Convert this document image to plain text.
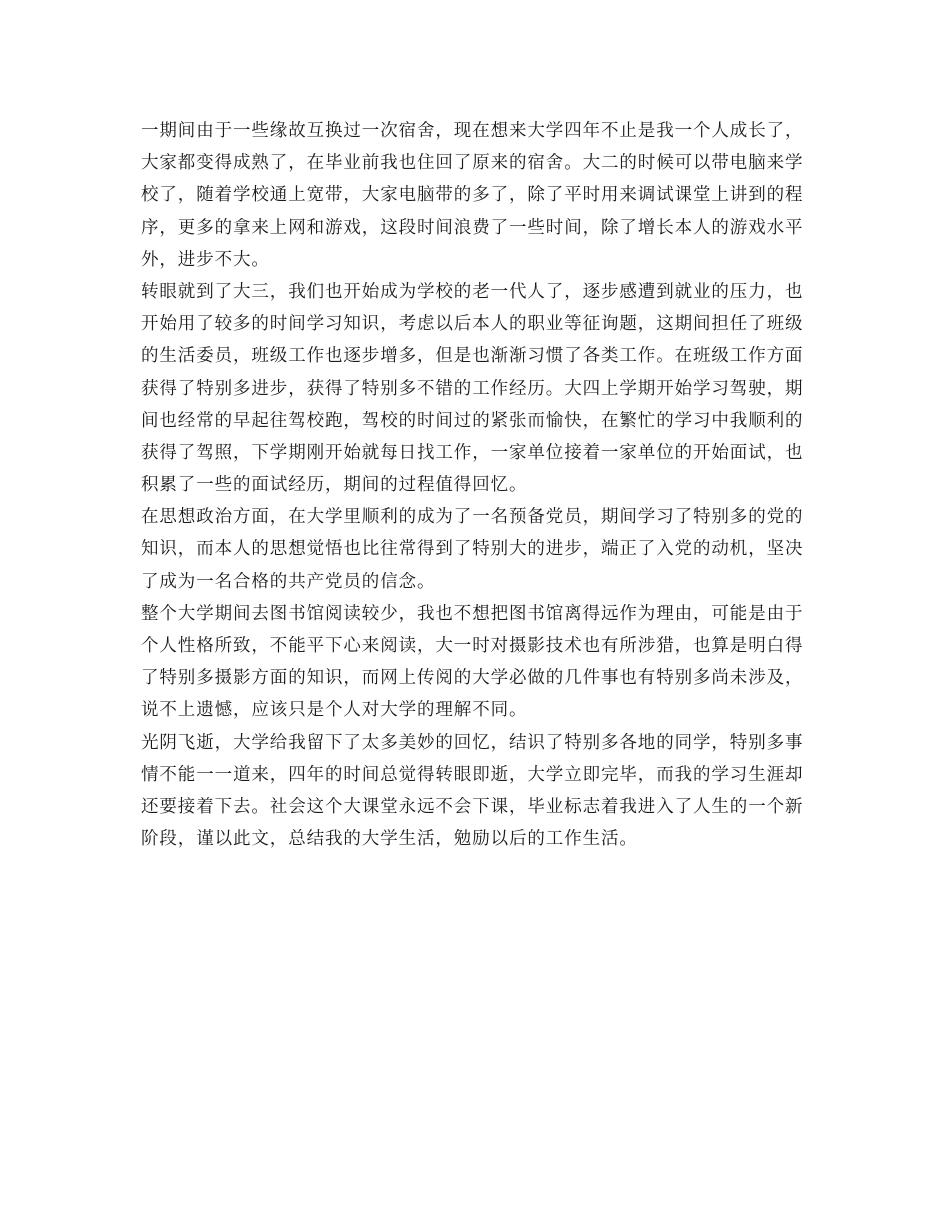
一期间由于一些缘故互换过一次宿舍，现在想来大学四年不止是我一个人成长了，
大家都变得成熟了，在毕业前我也住回了原来的宿舍。大二的时候可以带电脑来学
校了，随着学校通上宽带，大家电脑带的多了，除了平时用来调试课堂上讲到的程
序，更多的拿来上网和游戏，这段时间浪费了一些时间，除了增长本人的游戏水平
外，进步不大。
转眼就到了大三，我们也开始成为学校的老一代人了，逐步感遭到就业的压力，也
开始用了较多的时间学习知识，考虑以后本人的职业等征询题，这期间担任了班级
的生活委员，班级工作也逐步增多，但是也渐渐习惯了各类工作。在班级工作方面
获得了特别多进步，获得了特别多不错的工作经历。大四上学期开始学习驾驶，期
间也经常的早起往驾校跑，驾校的时间过的紧张而愉快，在繁忙的学习中我顺利的
获得了驾照，下学期刚开始就每日找工作，一家单位接着一家单位的开始面试，也
积累了一些的面试经历，期间的过程值得回忆。
在思想政治方面，在大学里顺利的成为了一名预备党员，期间学习了特别多的党的
知识，而本人的思想觉悟也比往常得到了特别大的进步，端正了入党的动机，坚决
了成为一名合格的共产党员的信念。
整个大学期间去图书馆阅读较少，我也不想把图书馆离得远作为理由，可能是由于
个人性格所致，不能平下心来阅读，大一时对摄影技术也有所涉猎，也算是明白得
了特别多摄影方面的知识，而网上传阅的大学必做的几件事也有特别多尚未涉及，
说不上遗憾，应该只是个人对大学的理解不同。
光阴飞逝，大学给我留下了太多美妙的回忆，结识了特别多各地的同学，特别多事
情不能一一道来，四年的时间总觉得转眼即逝，大学立即完毕，而我的学习生涯却
还要接着下去。社会这个大课堂永远不会下课，毕业标志着我进入了人生的一个新
阶段，谨以此文，总结我的大学生活，勉励以后的工作生活。
